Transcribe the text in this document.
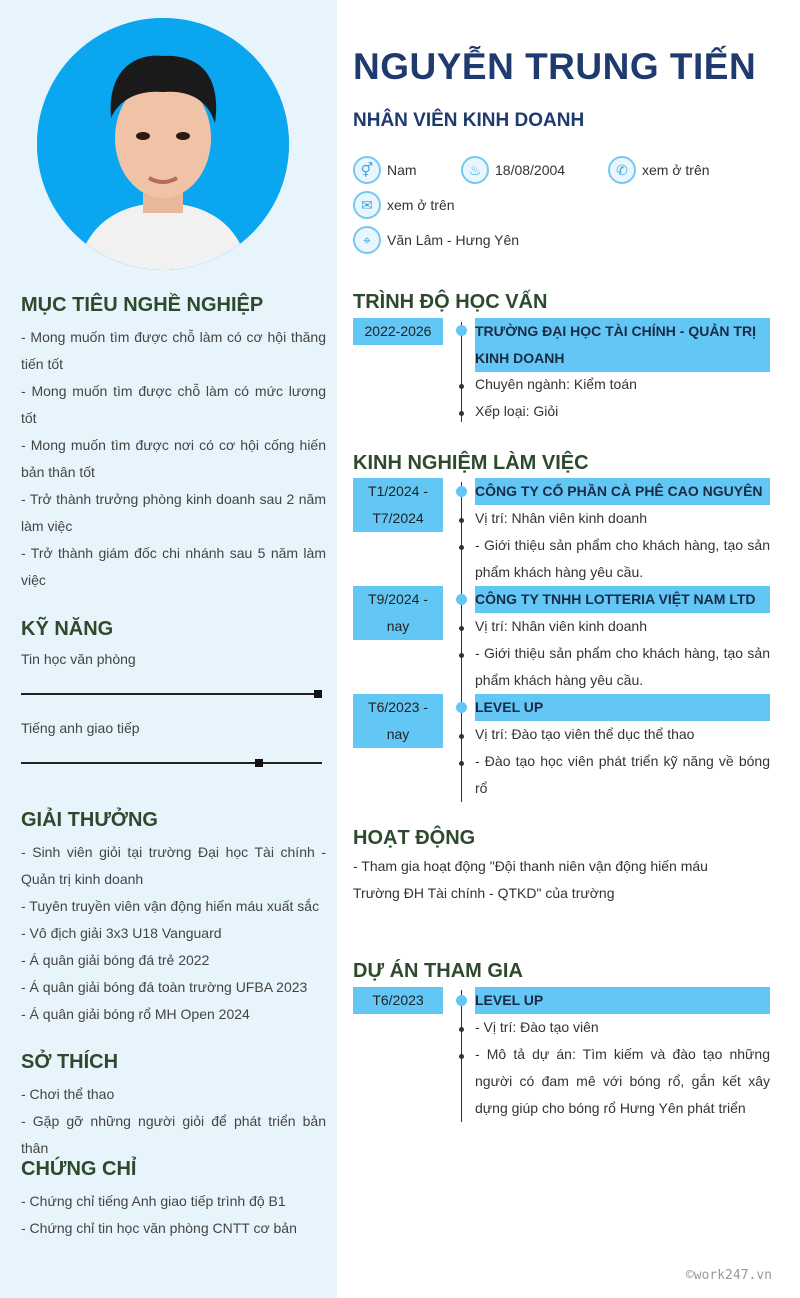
MỤC TIÊU NGHỀ NGHIỆP

- Mong muốn tìm được chỗ làm có cơ hội thăng tiến tốt

- Mong muốn tìm được chỗ làm có mức lương tốt

- Mong muốn tìm được nơi có cơ hội cống hiến bản thân tốt

- Trở thành trưởng phòng kinh doanh sau 2 năm làm việc

- Trở thành giám đốc chi nhánh sau 5 năm làm việc

KỸ NĂNG
Tin học văn phòng
Tiếng anh giao tiếp
GIẢI THƯỞNG

- Sinh viên giỏi tại trường Đại học Tài chính - Quản trị kinh doanh

- Tuyên truyền viên vận động hiến máu xuất sắc

- Vô địch giải 3x3 U18 Vanguard

- Á quân giải bóng đá trẻ 2022

- Á quân giải bóng đá toàn trường UFBA 2023

- Á quân giải bóng rổ MH Open 2024

SỞ THÍCH

- Chơi thể thao

- Gặp gỡ những người giỏi để phát triển bản thân

CHỨNG CHỈ

- Chứng chỉ tiếng Anh giao tiếp trình độ B1

- Chứng chỉ tin học văn phòng CNTT cơ bản

NGUYỄN TRUNG TIẾN
NHÂN VIÊN KINH DOANH
⚥ Nam	♨ 18/08/2004	✆	xem ở trên
✉	xem ở trên
⌖	Văn Lâm - Hưng Yên
TRÌNH ĐỘ HỌC VẤN
2022-2026	TRƯỜNG ĐẠI HỌC TÀI CHÍNH - QUẢN TRỊ KINH DOANH
Chuyên ngành: Kiểm toán
Xếp loại: Giỏi
KINH NGHIỆM LÀM VIỆC
T1/2024 -
T7/2024
CÔNG TY CỔ PHẦN CÀ PHÊ CAO NGUYÊN
Vị trí: Nhân viên kinh doanh
- Giới thiệu sản phẩm cho khách hàng, tạo sản phẩm khách hàng yêu cầu.
T9/2024 -
nay
CÔNG TY TNHH LOTTERIA VIỆT NAM LTD
Vị trí: Nhân viên kinh doanh
- Giới thiệu sản phẩm cho khách hàng, tạo sản phẩm khách hàng yêu cầu.
T6/2023 -
nay
LEVEL UP
Vị trí: Đào tạo viên thể dục thể thao
- Đào tạo học viên phát triển kỹ năng về bóng rổ
HOẠT ĐỘNG
- Tham gia hoạt động "Đội thanh niên vận động hiến máu Trường ĐH Tài chính - QTKD" của trường
DỰ ÁN THAM GIA
T6/2023	LEVEL UP
- Vị trí: Đào tạo viên
- Mô tả dự án: Tìm kiếm và đào tạo những người có đam mê với bóng rổ, gắn kết xây dựng giúp cho bóng rổ Hưng Yên phát triển
©work247.vn
